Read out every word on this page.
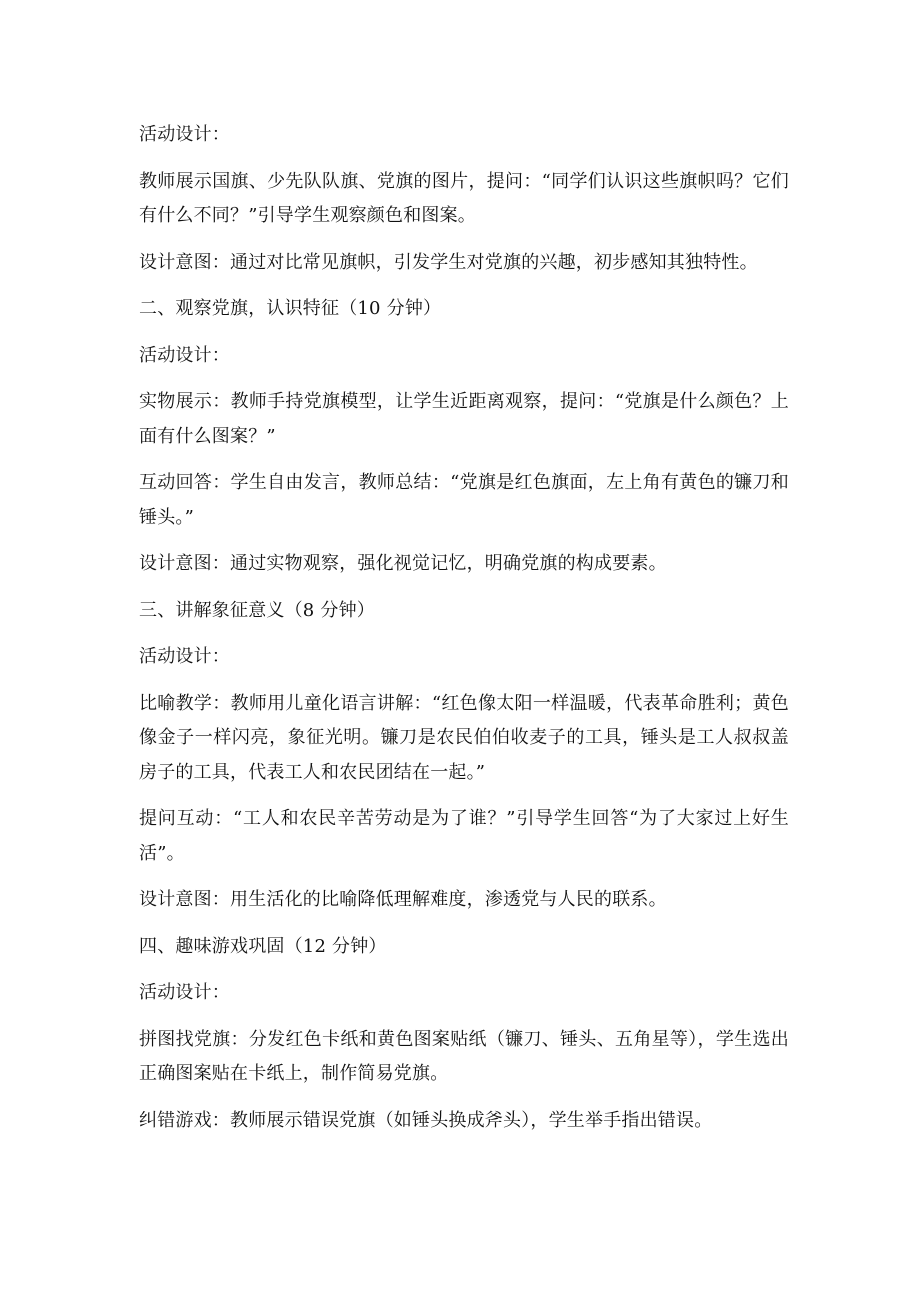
活动设计：

教师展示国旗、少先队队旗、党旗的图片，提问：“同学们认识这些旗帜吗？它们有什么不同？”引导学生观察颜色和图案。

设计意图：通过对比常见旗帜，引发学生对党旗的兴趣，初步感知其独特性。

二、观察党旗，认识特征（10 分钟）

活动设计：

实物展示：教师手持党旗模型，让学生近距离观察，提问：“党旗是什么颜色？上面有什么图案？”

互动回答：学生自由发言，教师总结：“党旗是红色旗面，左上角有黄色的镰刀和锤头。”

设计意图：通过实物观察，强化视觉记忆，明确党旗的构成要素。

三、讲解象征意义（8 分钟）

活动设计：

比喻教学：教师用儿童化语言讲解：“红色像太阳一样温暖，代表革命胜利；黄色像金子一样闪亮，象征光明。镰刀是农民伯伯收麦子的工具，锤头是工人叔叔盖房子的工具，代表工人和农民团结在一起。”

提问互动：“工人和农民辛苦劳动是为了谁？”引导学生回答“为了大家过上好生活”。

设计意图：用生活化的比喻降低理解难度，渗透党与人民的联系。

四、趣味游戏巩固（12 分钟）

活动设计：

拼图找党旗：分发红色卡纸和黄色图案贴纸（镰刀、锤头、五角星等），学生选出正确图案贴在卡纸上，制作简易党旗。

纠错游戏：教师展示错误党旗（如锤头换成斧头），学生举手指出错误。
